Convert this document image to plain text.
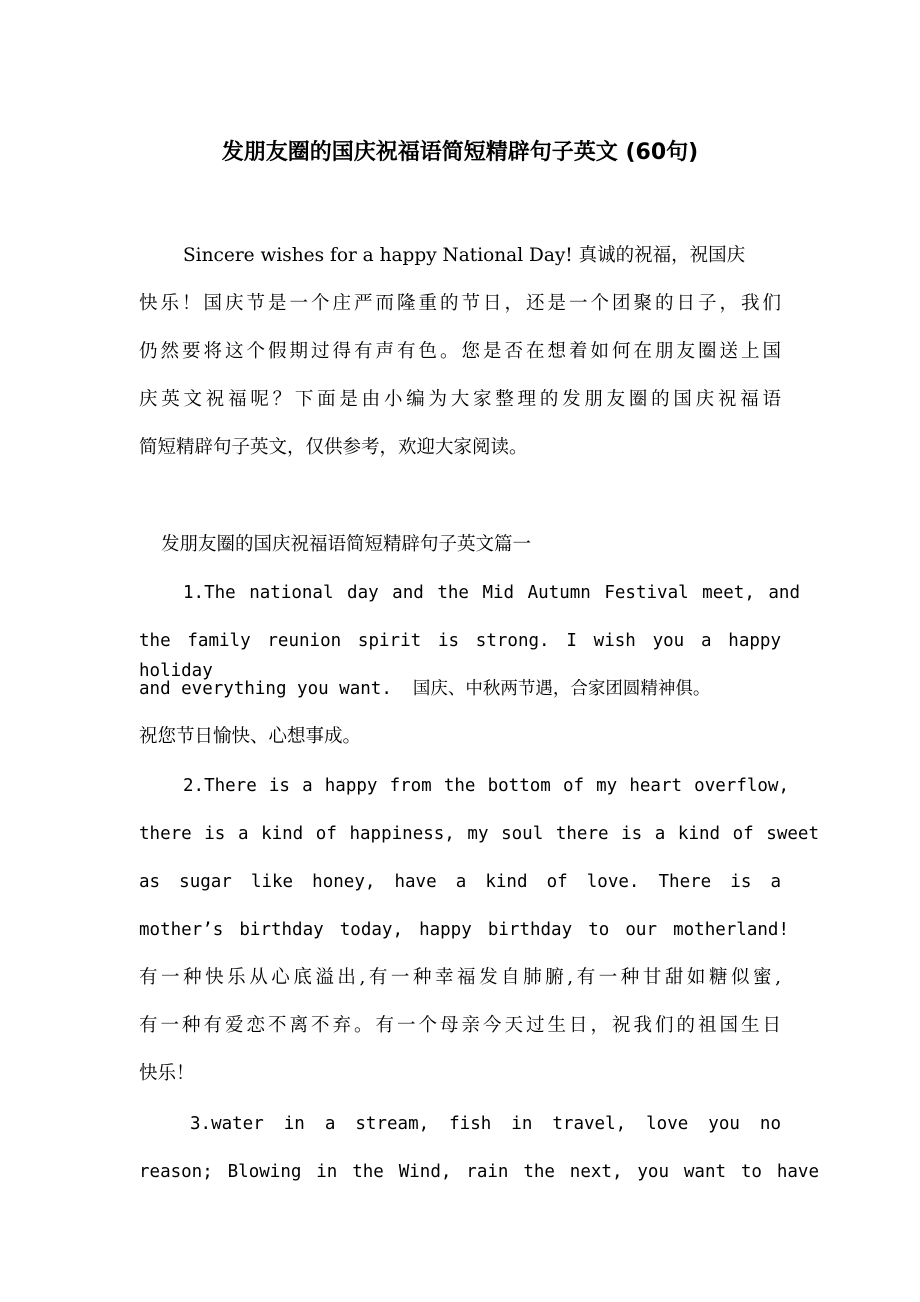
发朋友圈的国庆祝福语简短精辟句子英文 (60句)
Sincere wishes for a happy National Day! 真诚的祝福，祝国庆
快乐！国庆节是一个庄严而隆重的节日，还是一个团聚的日子，我们
仍然要将这个假期过得有声有色。您是否在想着如何在朋友圈送上国
庆英文祝福呢？下面是由小编为大家整理的发朋友圈的国庆祝福语
简短精辟句子英文，仅供参考，欢迎大家阅读。
发朋友圈的国庆祝福语简短精辟句子英文篇一
1.The national day and the Mid Autumn Festival meet, and
the family reunion spirit is strong. I wish you a happy holiday
and everything you want.  国庆、中秋两节遇，合家团圆精神俱。
祝您节日愉快、心想事成。
2.There is a happy from the bottom of my heart overflow,
there is a kind of happiness, my soul there is a kind of sweet
as sugar like honey, have a kind of love. There is a
mother’s birthday today, happy birthday to our motherland!
有一种快乐从心底溢出,有一种幸福发自肺腑,有一种甘甜如糖似蜜,
有一种有爱恋不离不弃。有一个母亲今天过生日，祝我们的祖国生日
快乐！
3.water in a stream, fish in travel, love you no
reason; Blowing in the Wind, rain the next, you want to have
